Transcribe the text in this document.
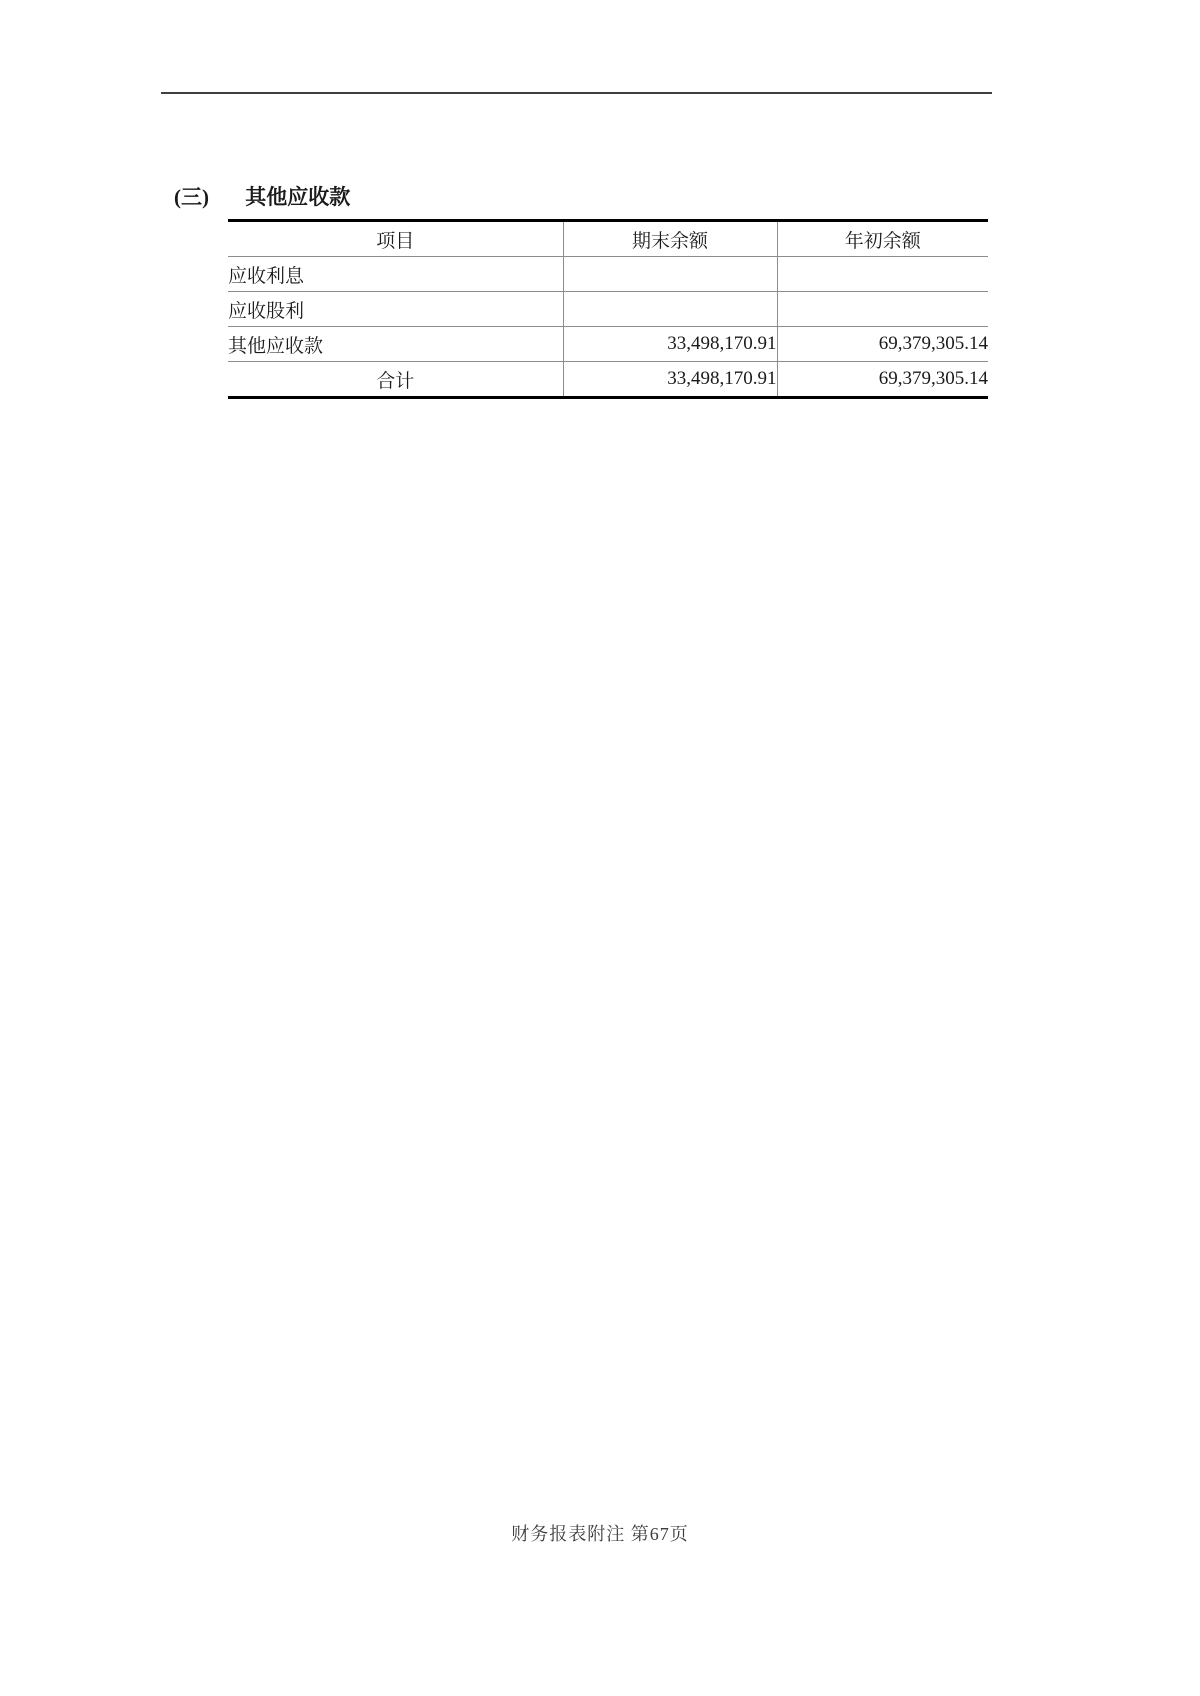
(三) 其他应收款
项目	期末余额	年初余额
应收利息		
应收股利		
其他应收款	33,498,170.91	69,379,305.14
合计	33,498,170.91	69,379,305.14
财务报表附注 第67页
